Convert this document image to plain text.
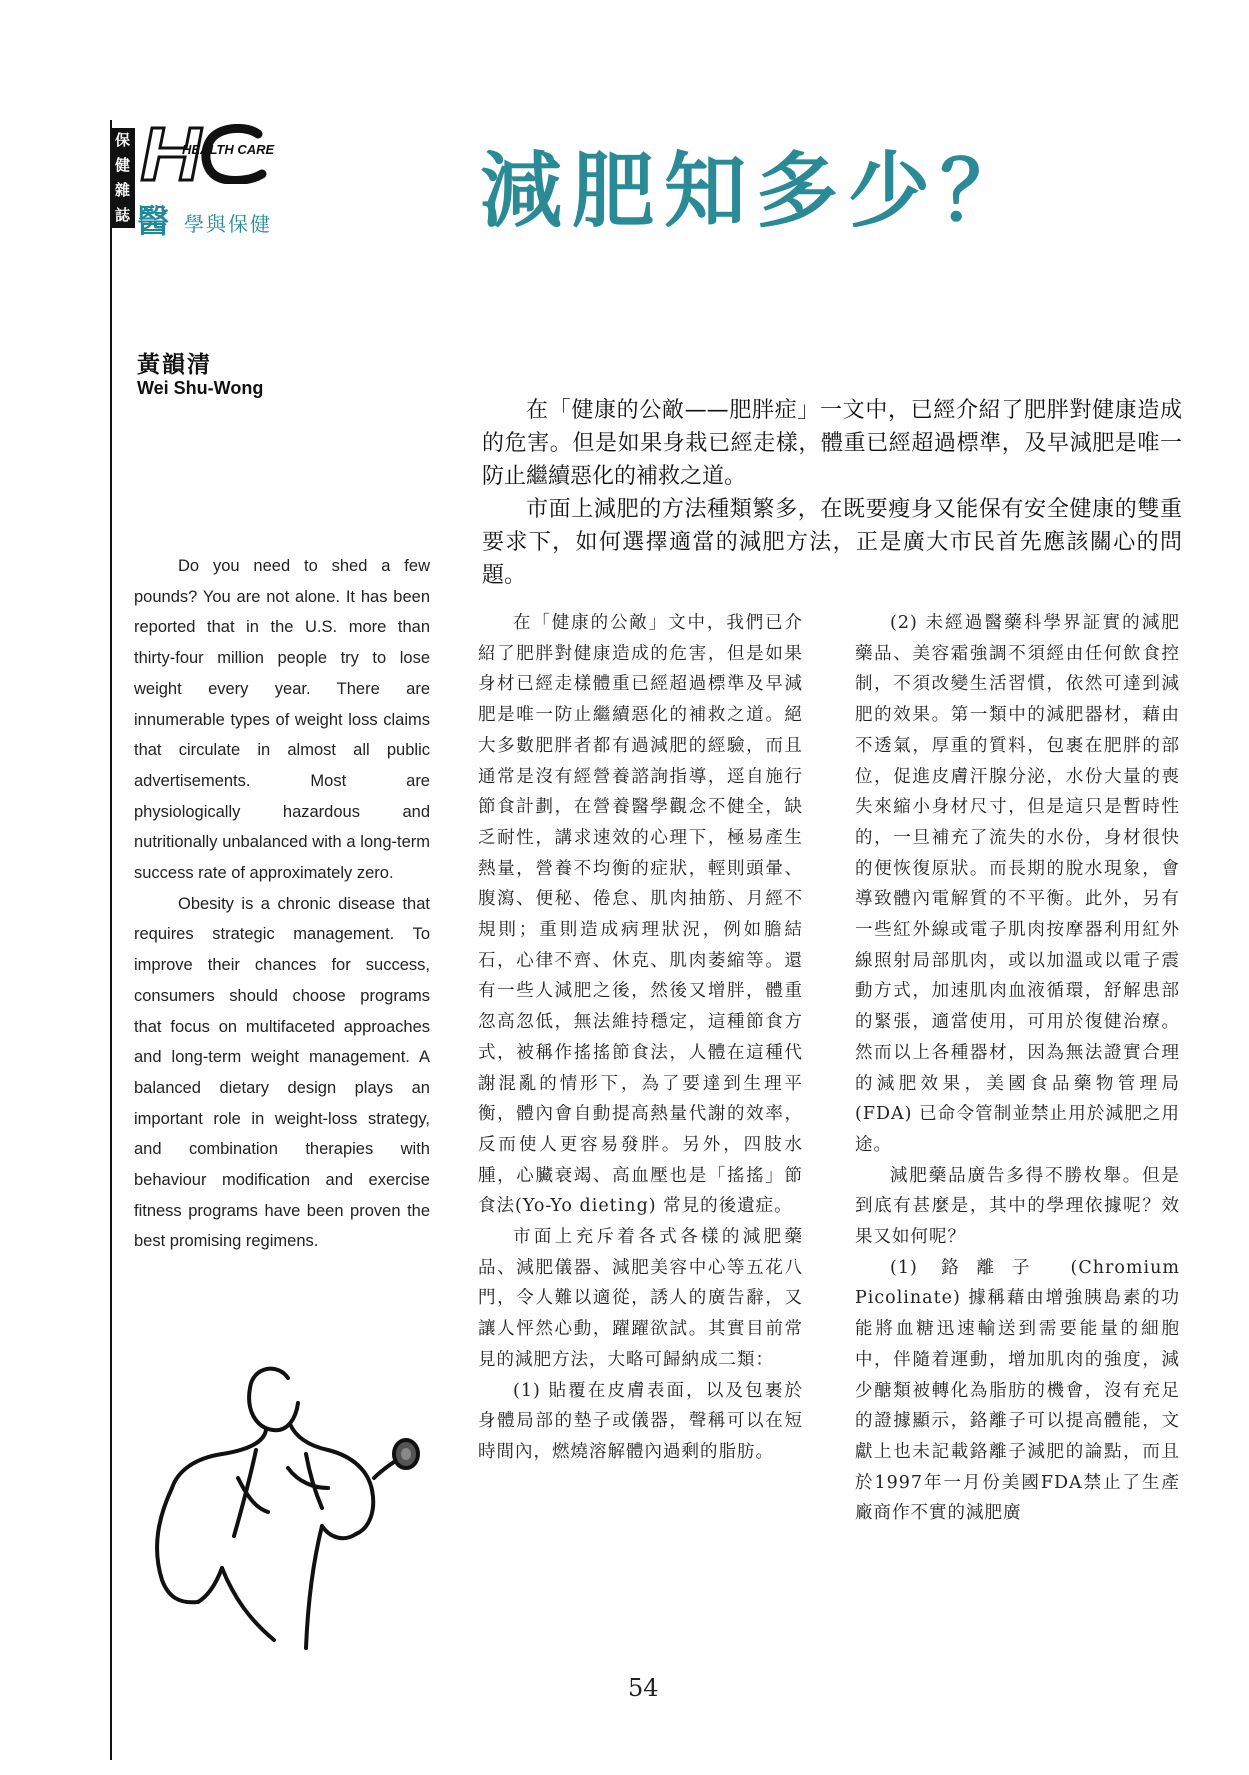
保
健
雜
誌
HEALTH CARE
醫 學與保健	減肥知多少？
黃韻清
Wei Shu-Wong

在「健康的公敵——肥胖症」一文中，已經介紹了肥胖對健康造成的危害。但是如果身栽已經走樣，體重已經超過標準，及早減肥是唯一防止繼續惡化的補救之道。

市面上減肥的方法種類繁多，在既要瘦身又能保有安全健康的雙重要求下，如何選擇適當的減肥方法，正是廣大市民首先應該關心的問題。

Do you need to shed a few pounds? You are not alone. It has been reported that in the U.S. more than thirty-four million people try to lose weight every year. There are innumerable types of weight loss claims that circulate in almost all public advertisements. Most are physiologically hazardous and nutritionally unbalanced with a long-term success rate of approximately zero.

Obesity is a chronic disease that requires strategic management. To improve their chances for success, consumers should choose programs that focus on multifaceted approaches and long-term weight management. A balanced dietary design plays an important role in weight-loss strategy, and combination therapies with behaviour modification and exercise fitness programs have been proven the best promising regimens.

在「健康的公敵」文中，我們已介紹了肥胖對健康造成的危害，但是如果身材已經走樣體重已經超過標準及早減肥是唯一防止繼續惡化的補救之道。絕大多數肥胖者都有過減肥的經驗，而且通常是沒有經營養諮詢指導，逕自施行節食計劃，在營養醫學觀念不健全，缺乏耐性，講求速效的心理下，極易產生熱量，營養不均衡的症狀，輕則頭暈、腹瀉、便秘、倦怠、肌肉抽筋、月經不規則；重則造成病理狀況，例如膽結石，心律不齊、休克、肌肉萎縮等。還有一些人減肥之後，然後又增胖，體重忽高忽低，無法維持穩定，這種節食方式，被稱作搖搖節食法，人體在這種代謝混亂的情形下，為了要達到生理平衡，體內會自動提高熱量代謝的效率，反而使人更容易發胖。另外，四肢水腫，心臟衰竭、高血壓也是「搖搖」節食法(Yo-Yo dieting) 常見的後遺症。

市面上充斥着各式各樣的減肥藥品、減肥儀器、減肥美容中心等五花八門，令人難以適從，誘人的廣告辭，又讓人怦然心動，躍躍欲試。其實目前常見的減肥方法，大略可歸納成二類：

(1) 貼覆在皮膚表面，以及包裹於身體局部的墊子或儀器，聲稱可以在短時間內，燃燒溶解體內過剩的脂肪。

(2) 未經過醫藥科學界証實的減肥藥品、美容霜強調不須經由任何飲食控制，不須改變生活習慣，依然可達到減肥的效果。第一類中的減肥器材，藉由不透氣，厚重的質料，包裹在肥胖的部位，促進皮膚汗腺分泌，水份大量的喪失來縮小身材尺寸，但是這只是暫時性的，一旦補充了流失的水份，身材很快的便恢復原狀。而長期的脫水現象，會導致體內電解質的不平衡。此外，另有一些紅外線或電子肌肉按摩器利用紅外線照射局部肌肉，或以加溫或以電子震動方式，加速肌肉血液循環，舒解患部的緊張，適當使用，可用於復健治療。然而以上各種器材，因為無法證實合理的減肥效果，美國食品藥物管理局 (FDA) 已命令管制並禁止用於減肥之用途。

減肥藥品廣告多得不勝枚舉。但是到底有甚麼是，其中的學理依據呢？效果又如何呢？

(1) 鉻離子 (Chromium Picolinate) 據稱藉由增強胰島素的功能將血糖迅速輸送到需要能量的細胞中，伴隨着運動，增加肌肉的強度，減少醣類被轉化為脂肪的機會，沒有充足的證據顯示，鉻離子可以提高體能，文獻上也未記載鉻離子減肥的論點，而且於1997年一月份美國FDA禁止了生產廠商作不實的減肥廣

54
